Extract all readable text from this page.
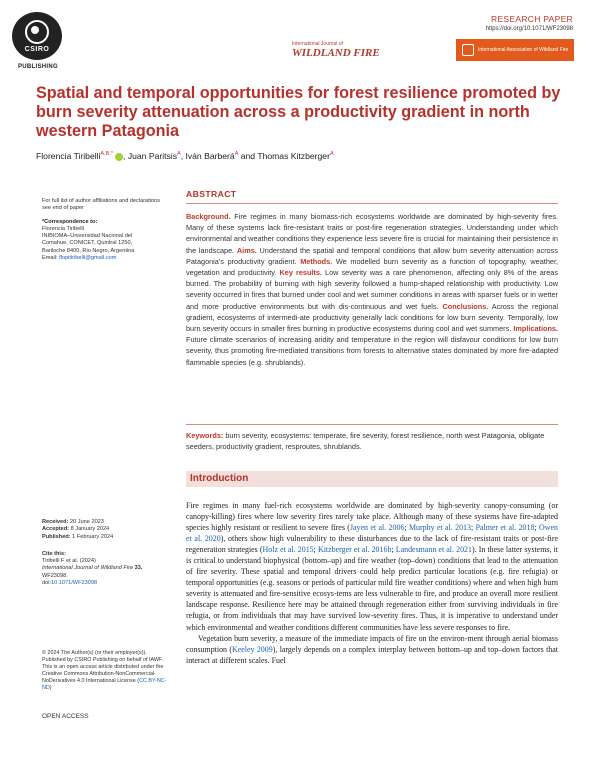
CSIRO
PUBLISHING
RESEARCH PAPER
https://doi.org/10.1071/WF23098
International Journal of
WILDLAND FIRE	International Association of Wildland Fire
Spatial and temporal opportunities for forest resilience promoted by burn severity attenuation across a productivity gradient in north western Patagonia
Florencia Tiribelli$^{A,B,*}$ , Juan Paritsis$^A$, Iván Barberá$^A$ and Thomas Kitzberger$^A$
For full list of author affiliations and declarations see end of paper
*Correspondence to:
Florencia Tiribelli
INIBIOMA–Universidad Nacional del
Comahue, CONICET, Quintral 1250,
Bariloche 8400, Rio Negro, Argentina
Email: flopitiribelli@gmail.com
Received: 20 June 2023
Accepted: 8 January 2024
Published: 1 February 2024
Cite this:
Tiribelli F et al. (2024)
International Journal of Wildland Fire 33,
WF23098.
doi:10.1071/WF23098
© 2024 The Author(s) (or their employer(s)). Published by CSIRO Publishing on behalf of IAWF. This is an open access article distributed under the Creative Commons Attribution-NonCommercial-NoDerivatives 4.0 International License (CC BY-NC-ND)
OPEN ACCESS
ABSTRACT
Background. Fire regimes in many biomass-rich ecosystems worldwide are dominated by high-severity fires. Many of these systems lack fire-resistant traits or post-fire regeneration strategies. Understanding under which environmental and weather conditions they experience less severe fire is crucial for maintaining their persistence in the landscape. Aims. Understand the spatial and temporal conditions that allow burn severity attenuation across Patagonia's productivity gradient. Methods. We modelled burn severity as a function of topography, weather, vegetation and productivity. Key results. Low severity was a rare phenomenon, affecting only 8% of the areas burned. The probability of burning with high severity followed a hump-shaped relationship with productivity. Low severity occurred in fires that burned under cool and wet summer conditions in areas with sparser fuels or in wetter and more productive environments but with dis-continuous and wet fuels. Conclusions. Across the regional gradient, ecosystems of intermedi-ate productivity generally lack conditions for low burn severity. Temporally, low burn severity occurs in smaller fires burning in productive ecosystems during cool and wet summers. Implications. Future climate scenarios of increasing aridity and temperature in the region will disfavour conditions for low burn severity, thus promoting fire-mediated transitions from forests to alternative states dominated by more fire-adapted flammable species (e.g. shrublands).
Keywords: burn severity, ecosystems: temperate, fire severity, forest resilience, north west Patagonia, obligate seeders, productivity gradient, resproutes, shrublands.
Introduction

Fire regimes in many fuel-rich ecosystems worldwide are dominated by high-severity canopy-consuming (or canopy-killing) fires where low severity fires rarely take place. Although many of these systems have fire-adapted species highly resistant or resilient to severe fires (Jayen et al. 2006; Murphy et al. 2013; Palmer et al. 2018; Owen et al. 2020), others show high vulnerability to these disturbances due to the lack of fire-resistant traits or post-fire regeneration strategies (Holz et al. 2015; Kitzberger et al. 2016b; Landesmann et al. 2021). In these latter systems, it is critical to understand biophysical (bottom–up) and fire weather (top–down) conditions that lead to the attenuation of fire severity. These spatial and temporal drivers could help predict particular locations (e.g. fire refugia) or temporal opportunities (e.g. seasons or periods of particular mild fire weather conditions) where and when high burn severity is attenuated and fire-sensitive ecosys-tems are less vulnerable to fire, and produce an overall more resilient landscape response. Resilience here may be attained through regeneration either from surviving individuals in fire refugia, or from individuals that may have survived low-severity fires. Thus, it is imperative to understand under which environmental and weather conditions different communities have less severe responses to fire.

Vegetation burn severity, a measure of the immediate impacts of fire on the environ-ment through aerial biomass consumption (Keeley 2009), largely depends on a complex interplay between bottom–up and top–down factors that interact at different scales. Fuel
